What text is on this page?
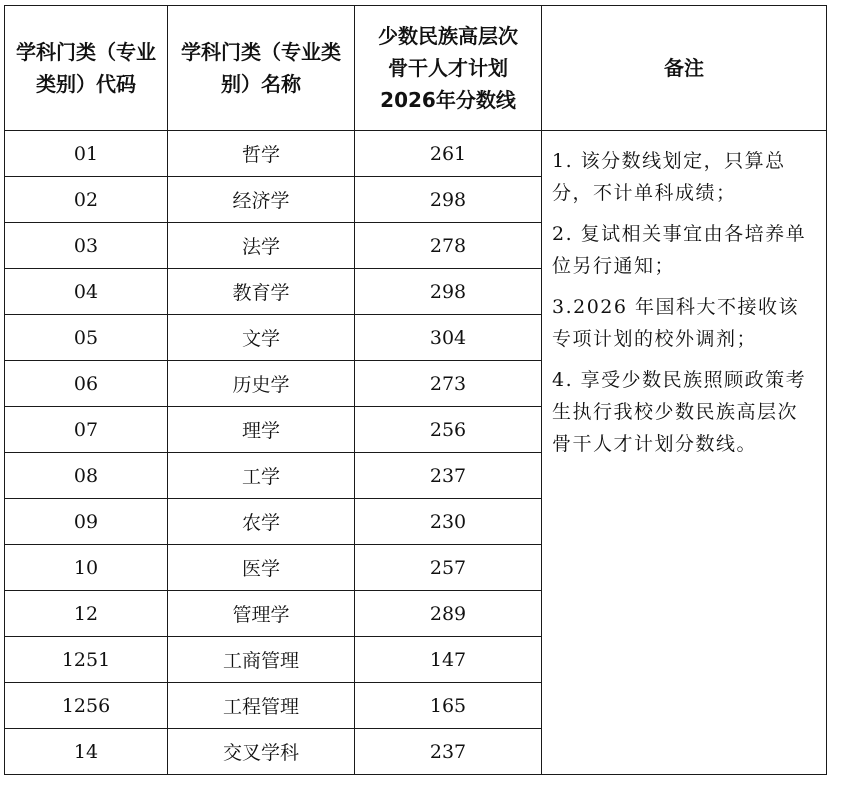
学科门类（专业类别）代码	学科门类（专业类别）名称	少数民族高层次骨干人才计划2026年分数线	备注
01	哲学	261	1. 该分数线划定，只算总分，不计单科成绩；
2. 复试相关事宜由各培养单位另行通知；
3.2026 年国科大不接收该专项计划的校外调剂；
4. 享受少数民族照顾政策考生执行我校少数民族高层次骨干人才计划分数线。

02	经济学	298	
03	法学	278	
04	教育学	298	
05	文学	304	
06	历史学	273	
07	理学	256	
08	工学	237	
09	农学	230	
10	医学	257	
12	管理学	289	
1251	工商管理	147	
1256	工程管理	165	
14	交叉学科	237	
